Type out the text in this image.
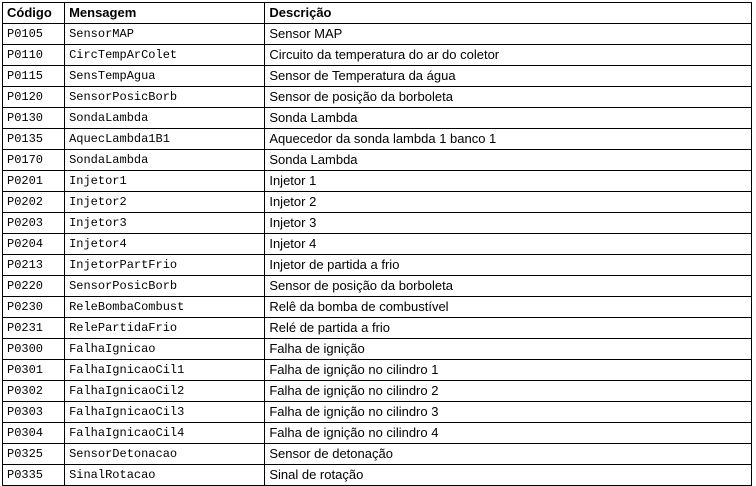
Código	Mensagem	Descrição
P0105	SensorMAP	Sensor MAP
P0110	CircTempArColet	Circuito da temperatura do ar do coletor
P0115	SensTempAgua	Sensor de Temperatura da água
P0120	SensorPosicBorb	Sensor de posição da borboleta
P0130	SondaLambda	Sonda Lambda
P0135	AquecLambda1B1	Aquecedor da sonda lambda 1 banco 1
P0170	SondaLambda	Sonda Lambda
P0201	Injetor1	Injetor 1
P0202	Injetor2	Injetor 2
P0203	Injetor3	Injetor 3
P0204	Injetor4	Injetor 4
P0213	InjetorPartFrio	Injetor de partida a frio
P0220	SensorPosicBorb	Sensor de posição da borboleta
P0230	ReleBombaCombust	Relê da bomba de combustível
P0231	RelePartidaFrio	Relé de partida a frio
P0300	FalhaIgnicao	Falha de ignição
P0301	FalhaIgnicaoCil1	Falha de ignição no cilindro 1
P0302	FalhaIgnicaoCil2	Falha de ignição no cilindro 2
P0303	FalhaIgnicaoCil3	Falha de ignição no cilindro 3
P0304	FalhaIgnicaoCil4	Falha de ignição no cilindro 4
P0325	SensorDetonacao	Sensor de detonação
P0335	SinalRotacao	Sinal de rotação
